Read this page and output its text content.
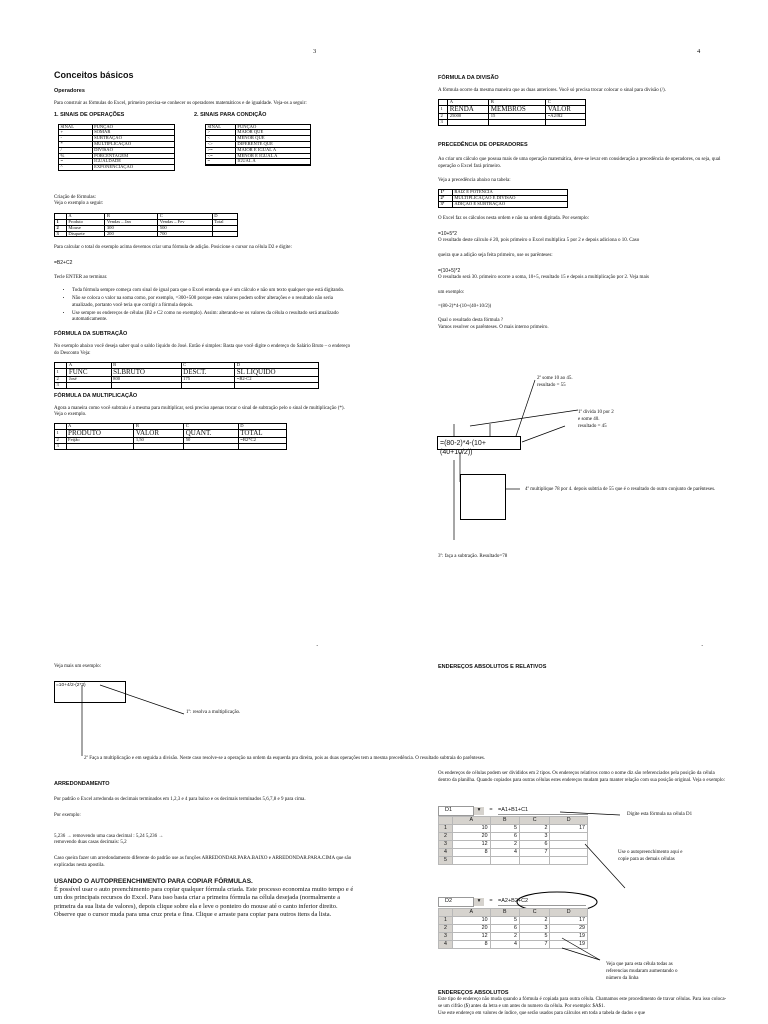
3
Conceitos básicos
Operadores
Para construir as fórmulas do Excel, primeiro precisa-se conhecer os operadores matemáticos e de igualdade. Veja-os a seguir:
1. SINAIS DE OPERAÇÕES	2. SINAIS PARA CONDIÇÃO
SINAL	FUNÇÃO
+	SOMAR
-	SUBTRAÇÃO
*	MULTIPLICAÇÃO
/	DIVISÃO
%	PORCENTAGEM
=	IGUALDADE
^	EXPONENCIAÇÃO
SINAL	FUNÇÃO
>	MAIOR QUE
<	MENOR QUE
<>	DIFERENTE QUE
>=	MAIOR E IGUAL A
<=	MENOR E IGUAL A
=	IGUAL A

Criação de fórmulas:
Veja o exemplo a seguir:
	A	B	C	D
1	Produto	Vendas – Jan	Vendas – Fev	Total
2	Mouse	300	500	
3	Disquete	200	700	
Para calcular o total do exemplo acima devemos criar uma fórmula de adição. Posicione o cursor na célula D2 e digite:
=B2+C2
Tecle ENTER ao terminar.
• Toda fórmula sempre começa com sinal de igual para que o Excel entenda que é um cálculo e não um texto qualquer que está digitando.
• Não se coloca o valor na soma como, por exemplo, =300+500 porque estes valores podem sofrer alterações e o resultado não seria atualizado, portanto você teria que corrigir a fórmula depois.
• Use sempre os endereços de células (B2 e C2 como no exemplo). Assim: alterando-se os valores da célula o resultado será atualizado automaticamente.
FÓRMULA DA SUBTRAÇÃO
No exemplo abaixo você deseja saber qual o saldo líquido do José. Então é simples: Basta que você digite o endereço do Salário Bruto – o endereço do Desconto Veja:
	A	B	C	D
1	FUNC	SLBRUTO	DESCT.	SL LIQUIDO
2	José	800	175	=B2-C2
3				
FÓRMULA DA MULTIPLICAÇÃO
Agora a maneira como você subtraiu é a mesma para multiplicar, será preciso apenas trocar o sinal de subtração pelo o sinal de multiplicação (*). Veja o exemplo.
	A	B	C	D
1	PRODUTO	VALOR	QUANT.	TOTAL
2	Feijão	1,50	50	=B2*C2
3				
4
FÓRMULA DA DIVISÃO
A fórmula ocorre da mesma maneira que as duas anteriores. Você só precisa trocar colocar o sinal para divisão (/).
	A	B	C
1	RENDA	MEMBROS	VALOR
2	25000	15	=A2/B2
3			
PRECEDÊNCIA DE OPERADORES
Ao criar um cálculo que possua mais de uma operação matemática, deve-se levar em consideração a precedência de operadores, ou seja, qual operação o Excel fará primeiro.
Veja a precedência abaixo na tabela:
1º	RAIZ E POTÊNCIA
2º	MULTIPLICAÇÃO E DIVISÃO
3º	ADIÇÃO E SUBTRAÇÃO
O Excel faz os cálculos nesta ordem e não na ordem digitada. Por exemplo:
=10+5*2
O resultado deste cálculo é 20, pois primeiro o Excel multiplica 5 por 2 e depois adiciona o 10. Caso
queira que a adição seja feita primeiro, use os parênteses:
=(10+5)*2
O resultado será 30. primeiro ocorre a soma, 10+5, resultado 15 e depois a multiplicação por 2. Veja mais
um exemplo:
=(80-2)*4-(10+(40+10/2))
Qual o resultado desta fórmula ?
Vamos resolver os parênteses. O mais interno primeiro.
2º some 10 ao 45.
resultado = 55
1º divida 10 por 2
e some 40.
resultado = 45
=(80-2)*4-(10+(40+10/2))
4º multiplique 78 por 4. depois subtria de 55 que é o resultado do outro conjunto de parênteses.
3º: faça a subtração. Resultado=78
´	´
Veja mais um exemplo:
=10+4/2-(2*3)
1º: resolva a multiplicação.
2º Faça a multiplicação e em seguida a divisão. Neste caso resolve-se a operação na ordem da esquerda pra direita, pois as duas operações tem a mesma precedência. O resultado subtraia do parênteses.
ARREDONDAMENTO
Por padrão o Excel arredonda os decimais terminados em 1,2,3 e 4 para baixo e os decimais terminados 5,6,7,8 e 9 para cima.
Por exemplo:
5,236 → removendo uma casa decimal : 5,24 5,236 →
removendo duas casas decimais: 5,2
Caso queira fazer um arredondamento diferente do padrão use as funções ARREDONDAR.PARA.BAIXO e ARREDONDAR.PARA.CIMA que são explicadas nesta apostila.
USANDO O AUTOPREENCHIMENTO PARA COPIAR FÓRMULAS.
É possível usar o auto preenchimento para copiar qualquer fórmula criada. Este processo economiza muito tempo e é um dos principais recursos do Excel. Para isso basta criar a primeira fórmula na célula desejada (normalmente a primeira da sua lista de valores), depois clique sobre ela e leve o ponteiro do mouse até o canto inferior direito. Observe que o cursor muda para uma cruz preta e fina. Clique e arraste para copiar para outros itens da lista.
ENDEREÇOS ABSOLUTOS E RELATIVOS
Os endereços de células podem ser divididos em 2 tipos. Os endereços relativos como o nome diz são referenciados pela posição da célula dentro da planilha. Quando copiados para outras células estes endereços mudam para manter relação com sua posição original. Veja o exemplo:
D1	▾	= =A1+B1+C1
	A	B	C	D
1	10	5	2	17
2	20	6	3	
3	12	2	6	
4	8	4	7	
5				
Digite esta fórmula na célula D1
Use o autopreenchimento aqui e copie para as demais células
D2	▾	= =A2+B2+C2
	A	B	C	D
1	10	5	2	17
2	20	6	3	29
3	12	2	5	19
4	8	4	7	19
Veja que para esta célula todas as referencias mudaram aumentando o número da linha
ENDEREÇOS ABSOLUTOS
Este tipo de endereço não muda quando a fórmula é copiada para outra célula. Chamamos este procedimento de travar células. Para isso coloca-se um cifrão ($) antes da letra e um antes do numero da célula. Por exemplo: $A$1.
Use este endereço em valores de índice, que serão usados para cálculos em toda a tabela de dados e que
